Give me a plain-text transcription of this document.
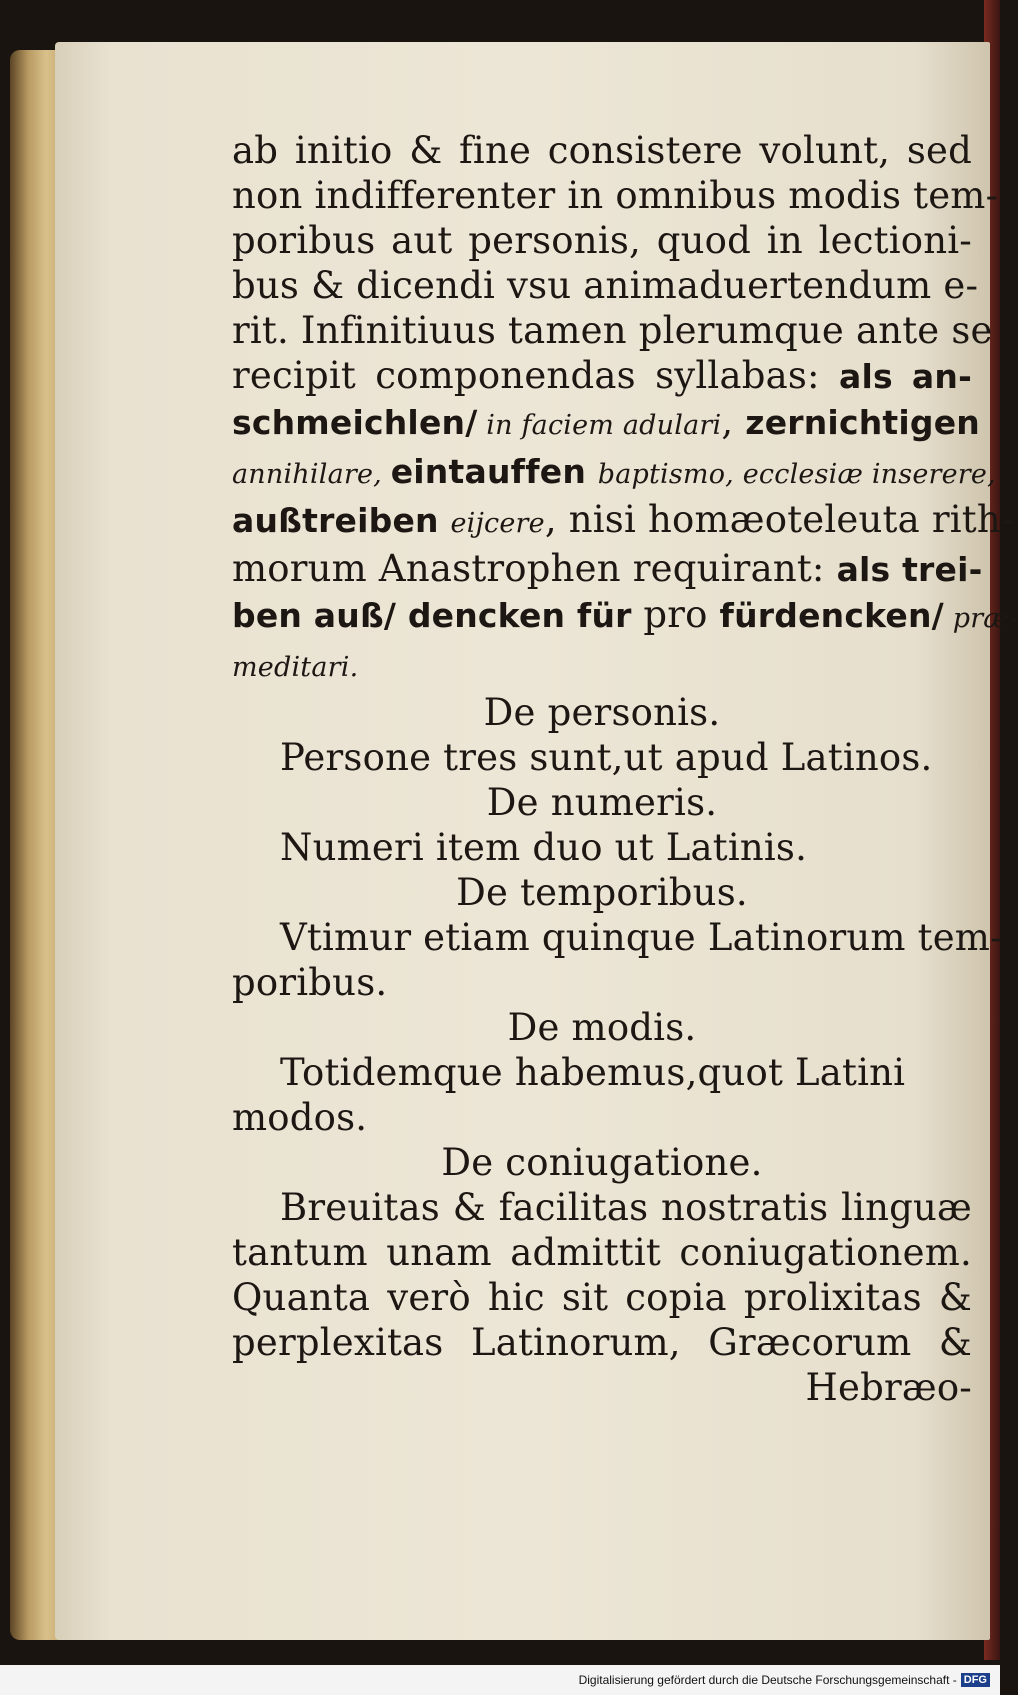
ab initio & fine consistere volunt, sed
non indifferenter in omnibus modis tem-
poribus aut personis, quod in lectioni-
bus & dicendi vsu animaduertendum e-
rit. Infinitiuus tamen plerumque ante se
recipit componendas syllabas: als an-
schmeichlen/ in faciem adulari, zernichtigen
annihilare, eintauffen baptismo, ecclesiæ inserere,
außtreiben eijcere, nisi homæoteleuta rith-
morum Anastrophen requirant: als trei-
ben auß/ dencken für pro fürdencken/ præ-
meditari.
De personis.
Persone tres sunt,ut apud Latinos.
De numeris.
Numeri item duo ut Latinis.
De temporibus.
Vtimur etiam quinque Latinorum tem-
poribus.
De modis.
Totidemque habemus,quot Latini
modos.
De coniugatione.
Breuitas & facilitas nostratis linguæ
tantum unam admittit coniugationem.
Quanta verò hic sit copia prolixitas &
perplexitas Latinorum, Græcorum &
Hebræo-
Digitalisierung gefördert durch die Deutsche Forschungsgemeinschaft - DFG
